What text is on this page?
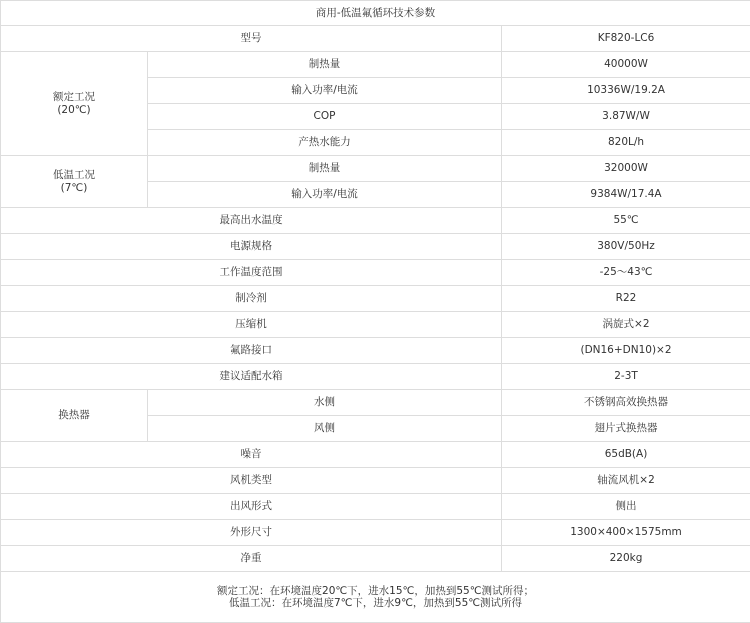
商用-低温氟循环技术参数		
型号		KF820-LC6
额定工况
(20℃)	制热量	40000W
	输入功率/电流	10336W/19.2A
	COP	3.87W/W
	产热水能力	820L/h
低温工况
(7℃)	制热量	32000W
	输入功率/电流	9384W/17.4A
最高出水温度		55℃
电源规格		380V/50Hz
工作温度范围		-25～43℃
制冷剂		R22
压缩机		涡旋式×2
氟路接口		(DN16+DN10)×2
建议适配水箱		2-3T
换热器	水侧	不锈钢高效换热器
	风侧	翅片式换热器
噪音		65dB(A)
风机类型		轴流风机×2
出风形式		侧出
外形尺寸		1300×400×1575mm
净重		220kg
额定工况：在环境温度20℃下，进水15℃，加热到55℃测试所得；
低温工况：在环境温度7℃下，进水9℃，加热到55℃测试所得		
